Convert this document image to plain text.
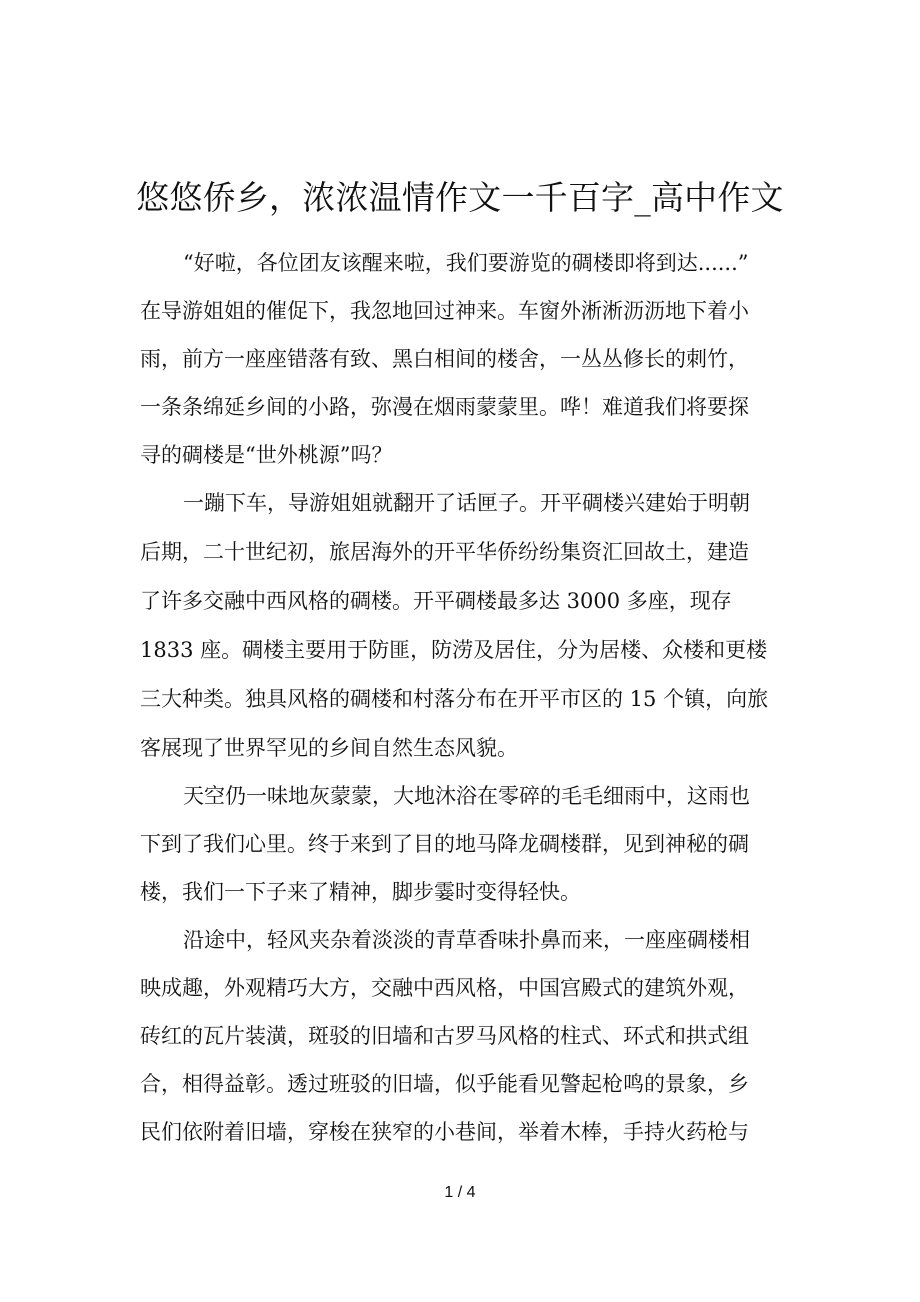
悠悠侨乡，浓浓温情作文一千百字_高中作文
“好啦，各位团友该醒来啦，我们要游览的碉楼即将到达......”
在导游姐姐的催促下，我忽地回过神来。车窗外淅淅沥沥地下着小
雨，前方一座座错落有致、黑白相间的楼舍，一丛丛修长的刺竹，
一条条绵延乡间的小路，弥漫在烟雨蒙蒙里。哗！难道我们将要探
寻的碉楼是“世外桃源”吗？
一蹦下车，导游姐姐就翻开了话匣子。开平碉楼兴建始于明朝
后期，二十世纪初，旅居海外的开平华侨纷纷集资汇回故土，建造
了许多交融中西风格的碉楼。开平碉楼最多达 3000 多座，现存
1833 座。碉楼主要用于防匪，防涝及居住，分为居楼、众楼和更楼
三大种类。独具风格的碉楼和村落分布在开平市区的 15 个镇，向旅
客展现了世界罕见的乡间自然生态风貌。
天空仍一味地灰蒙蒙，大地沐浴在零碎的毛毛细雨中，这雨也
下到了我们心里。终于来到了目的地马降龙碉楼群，见到神秘的碉
楼，我们一下子来了精神，脚步霎时变得轻快。
沿途中，轻风夹杂着淡淡的青草香味扑鼻而来，一座座碉楼相
映成趣，外观精巧大方，交融中西风格，中国宫殿式的建筑外观，
砖红的瓦片装潢，斑驳的旧墙和古罗马风格的柱式、环式和拱式组
合，相得益彰。透过班驳的旧墙，似乎能看见警起枪鸣的景象，乡
民们依附着旧墙，穿梭在狭窄的小巷间，举着木棒，手持火药枪与
1 / 4
